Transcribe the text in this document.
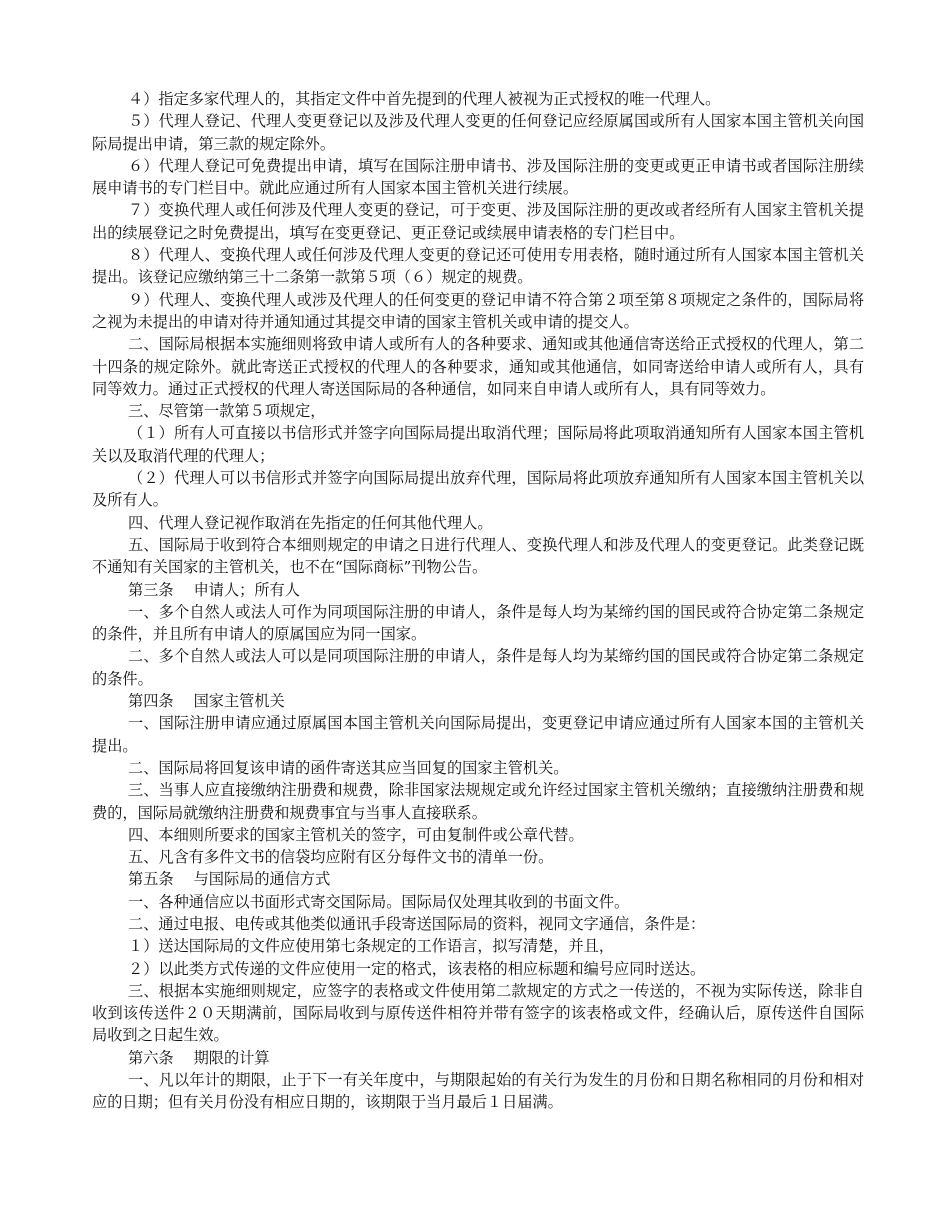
４）指定多家代理人的，其指定文件中首先提到的代理人被视为正式授权的唯一代理人。

５）代理人登记、代理人变更登记以及涉及代理人变更的任何登记应经原属国或所有人国家本国主管机关向国际局提出申请，第三款的规定除外。

６）代理人登记可免费提出申请，填写在国际注册申请书、涉及国际注册的变更或更正申请书或者国际注册续展申请书的专门栏目中。就此应通过所有人国家本国主管机关进行续展。

７）变换代理人或任何涉及代理人变更的登记，可于变更、涉及国际注册的更改或者经所有人国家主管机关提出的续展登记之时免费提出，填写在变更登记、更正登记或续展申请表格的专门栏目中。

８）代理人、变换代理人或任何涉及代理人变更的登记还可使用专用表格，随时通过所有人国家本国主管机关提出。该登记应缴纳第三十二条第一款第５项（６）规定的规费。

９）代理人、变换代理人或涉及代理人的任何变更的登记申请不符合第２项至第８项规定之条件的，国际局将之视为未提出的申请对待并通知通过其提交申请的国家主管机关或申请的提交人。

二、国际局根据本实施细则将致申请人或所有人的各种要求、通知或其他通信寄送给正式授权的代理人，第二十四条的规定除外。就此寄送正式授权的代理人的各种要求，通知或其他通信，如同寄送给申请人或所有人，具有同等效力。通过正式授权的代理人寄送国际局的各种通信，如同来自申请人或所有人，具有同等效力。

三、尽管第一款第５项规定，

（１）所有人可直接以书信形式并签字向国际局提出取消代理；国际局将此项取消通知所有人国家本国主管机关以及取消代理的代理人；

（２）代理人可以书信形式并签字向国际局提出放弃代理，国际局将此项放弃通知所有人国家本国主管机关以及所有人。

四、代理人登记视作取消在先指定的任何其他代理人。

五、国际局于收到符合本细则规定的申请之日进行代理人、变换代理人和涉及代理人的变更登记。此类登记既不通知有关国家的主管机关，也不在“国际商标”刊物公告。

第三条　 申请人；所有人

一、多个自然人或法人可作为同项国际注册的申请人，条件是每人均为某缔约国的国民或符合协定第二条规定的条件，并且所有申请人的原属国应为同一国家。

二、多个自然人或法人可以是同项国际注册的申请人，条件是每人均为某缔约国的国民或符合协定第二条规定的条件。

第四条　 国家主管机关

一、国际注册申请应通过原属国本国主管机关向国际局提出，变更登记申请应通过所有人国家本国的主管机关提出。

二、国际局将回复该申请的函件寄送其应当回复的国家主管机关。

三、当事人应直接缴纳注册费和规费，除非国家法规规定或允许经过国家主管机关缴纳；直接缴纳注册费和规费的，国际局就缴纳注册费和规费事宜与当事人直接联系。

四、本细则所要求的国家主管机关的签字，可由复制件或公章代替。

五、凡含有多件文书的信袋均应附有区分每件文书的清单一份。

第五条　 与国际局的通信方式

一、各种通信应以书面形式寄交国际局。国际局仅处理其收到的书面文件。

二、通过电报、电传或其他类似通讯手段寄送国际局的资料，视同文字通信，条件是：

１）送达国际局的文件应使用第七条规定的工作语言，拟写清楚，并且，

２）以此类方式传递的文件应使用一定的格式，该表格的相应标题和编号应同时送达。

三、根据本实施细则规定，应签字的表格或文件使用第二款规定的方式之一传送的，不视为实际传送，除非自收到该传送件２０天期满前，国际局收到与原传送件相符并带有签字的该表格或文件，经确认后，原传送件自国际局收到之日起生效。

第六条　 期限的计算

一、凡以年计的期限，止于下一有关年度中，与期限起始的有关行为发生的月份和日期名称相同的月份和相对应的日期；但有关月份没有相应日期的，该期限于当月最后１日届满。
